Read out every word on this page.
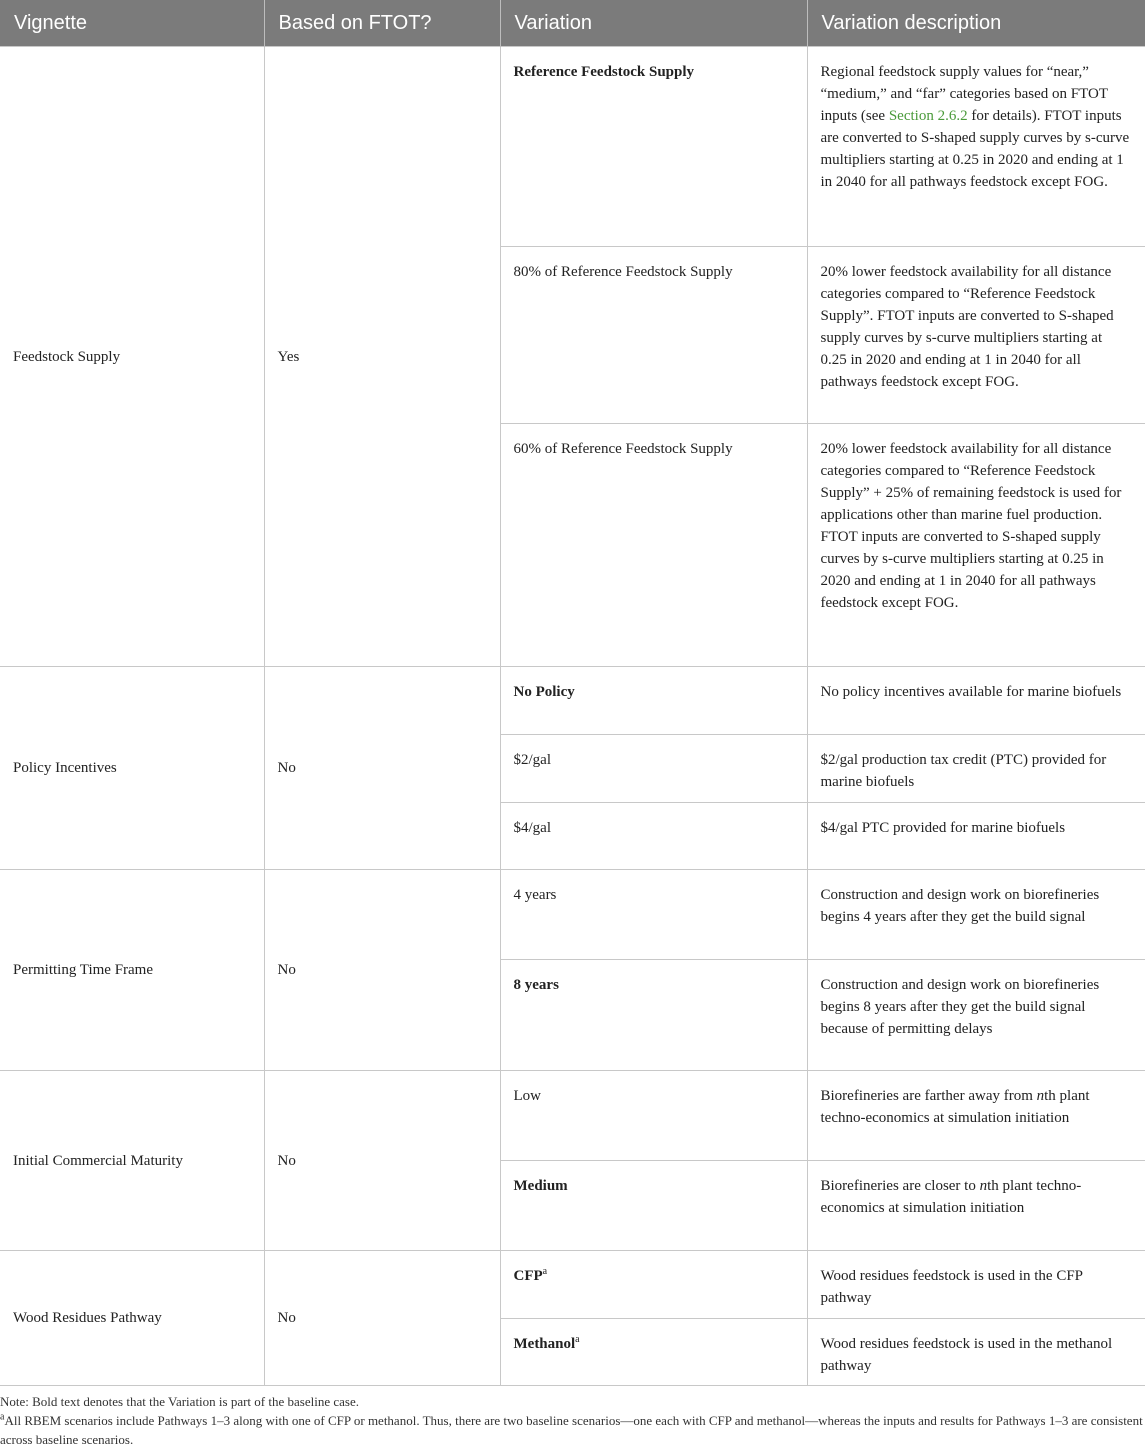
Vignette	Based on FTOT?	Variation	Variation description
Feedstock Supply	Yes	Reference Feedstock Supply	Regional feedstock supply values for “near,” “medium,” and “far” categories based on FTOT inputs (see Section 2.6.2 for details). FTOT inputs are converted to S-shaped supply curves by s-curve multipliers starting at 0.25 in 2020 and ending at 1 in 2040 for all pathways feedstock except FOG.
		80% of Reference Feedstock Supply	20% lower feedstock availability for all distance categories compared to “Reference Feedstock Supply”. FTOT inputs are converted to S-shaped supply curves by s-curve multipliers starting at 0.25 in 2020 and ending at 1 in 2040 for all pathways feedstock except FOG.
		60% of Reference Feedstock Supply	20% lower feedstock availability for all distance categories compared to “Reference Feedstock Supply” + 25% of remaining feedstock is used for applications other than marine fuel production. FTOT inputs are converted to S-shaped supply curves by s-curve multipliers starting at 0.25 in 2020 and ending at 1 in 2040 for all pathways feedstock except FOG.
Policy Incentives	No	No Policy	No policy incentives available for marine biofuels
		$2/gal	$2/gal production tax credit (PTC) provided for marine biofuels
		$4/gal	$4/gal PTC provided for marine biofuels
Permitting Time Frame	No	4 years	Construction and design work on biorefineries begins 4 years after they get the build signal
		8 years	Construction and design work on biorefineries begins 8 years after they get the build signal because of permitting delays
Initial Commercial Maturity	No	Low	Biorefineries are farther away from nth plant techno-economics at simulation initiation
		Medium	Biorefineries are closer to nth plant techno-economics at simulation initiation
Wood Residues Pathway	No	CFP$^a$	Wood residues feedstock is used in the CFP pathway
		Methanol$^a$	Wood residues feedstock is used in the methanol pathway

Note: Bold text denotes that the Variation is part of the baseline case.

$^a$All RBEM scenarios include Pathways 1–3 along with one of CFP or methanol. Thus, there are two baseline scenarios—one each with CFP and methanol—whereas the inputs and results for Pathways 1–3 are consistent across baseline scenarios.
